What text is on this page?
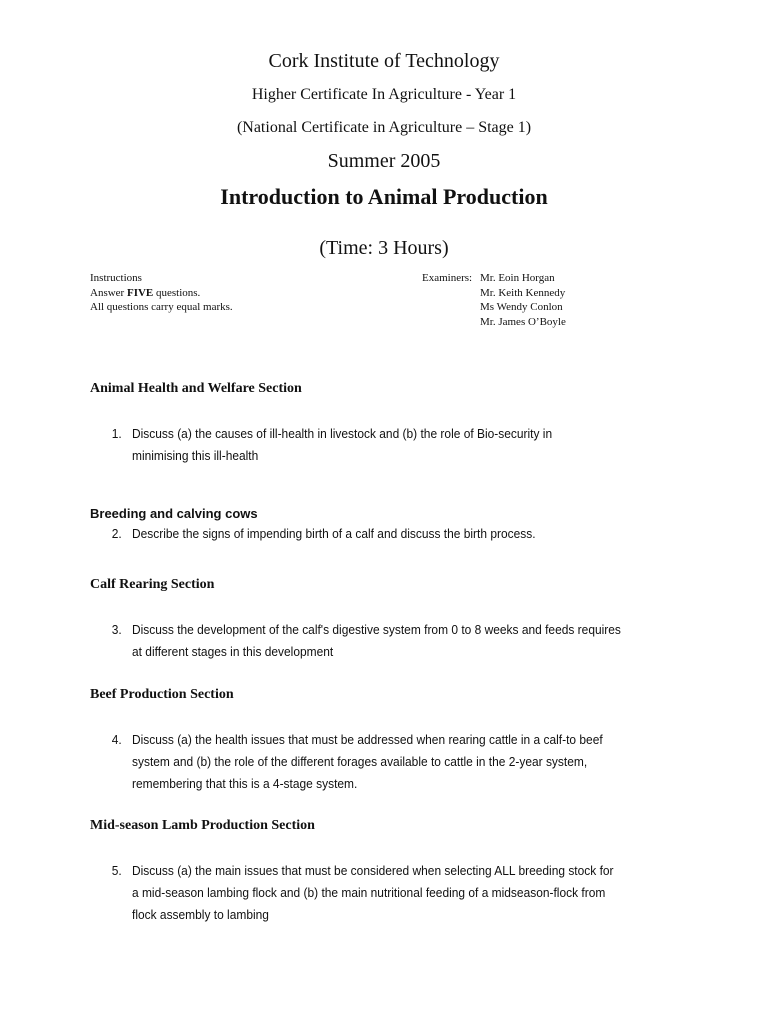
Cork Institute of Technology
Higher Certificate In Agriculture - Year 1
(National Certificate in Agriculture – Stage 1)
Summer 2005
Introduction to Animal Production
(Time: 3 Hours)
Instructions
Answer FIVE questions.
All questions carry equal marks.
Examiners: Mr. Eoin Horgan
Mr. Keith Kennedy
Ms Wendy Conlon
Mr. James O’Boyle
Animal Health and Welfare Section
1. Discuss (a) the causes of ill-health in livestock and (b) the role of Bio-security in
minimising this ill-health
Breeding and calving cows
2. Describe the signs of impending birth of a calf and discuss the birth process.
Calf Rearing Section
3. Discuss the development of the calf's digestive system from 0 to 8 weeks and feeds requires
at different stages in this development
Beef Production Section
4. Discuss (a) the health issues that must be addressed when rearing cattle in a calf-to beef
system and (b) the role of the different forages available to cattle in the 2-year system,
remembering that this is a 4-stage system.
Mid-season Lamb Production Section
5. Discuss (a) the main issues that must be considered when selecting ALL breeding stock for
a mid-season lambing flock and (b) the main nutritional feeding of a midseason-flock from
flock assembly to lambing
